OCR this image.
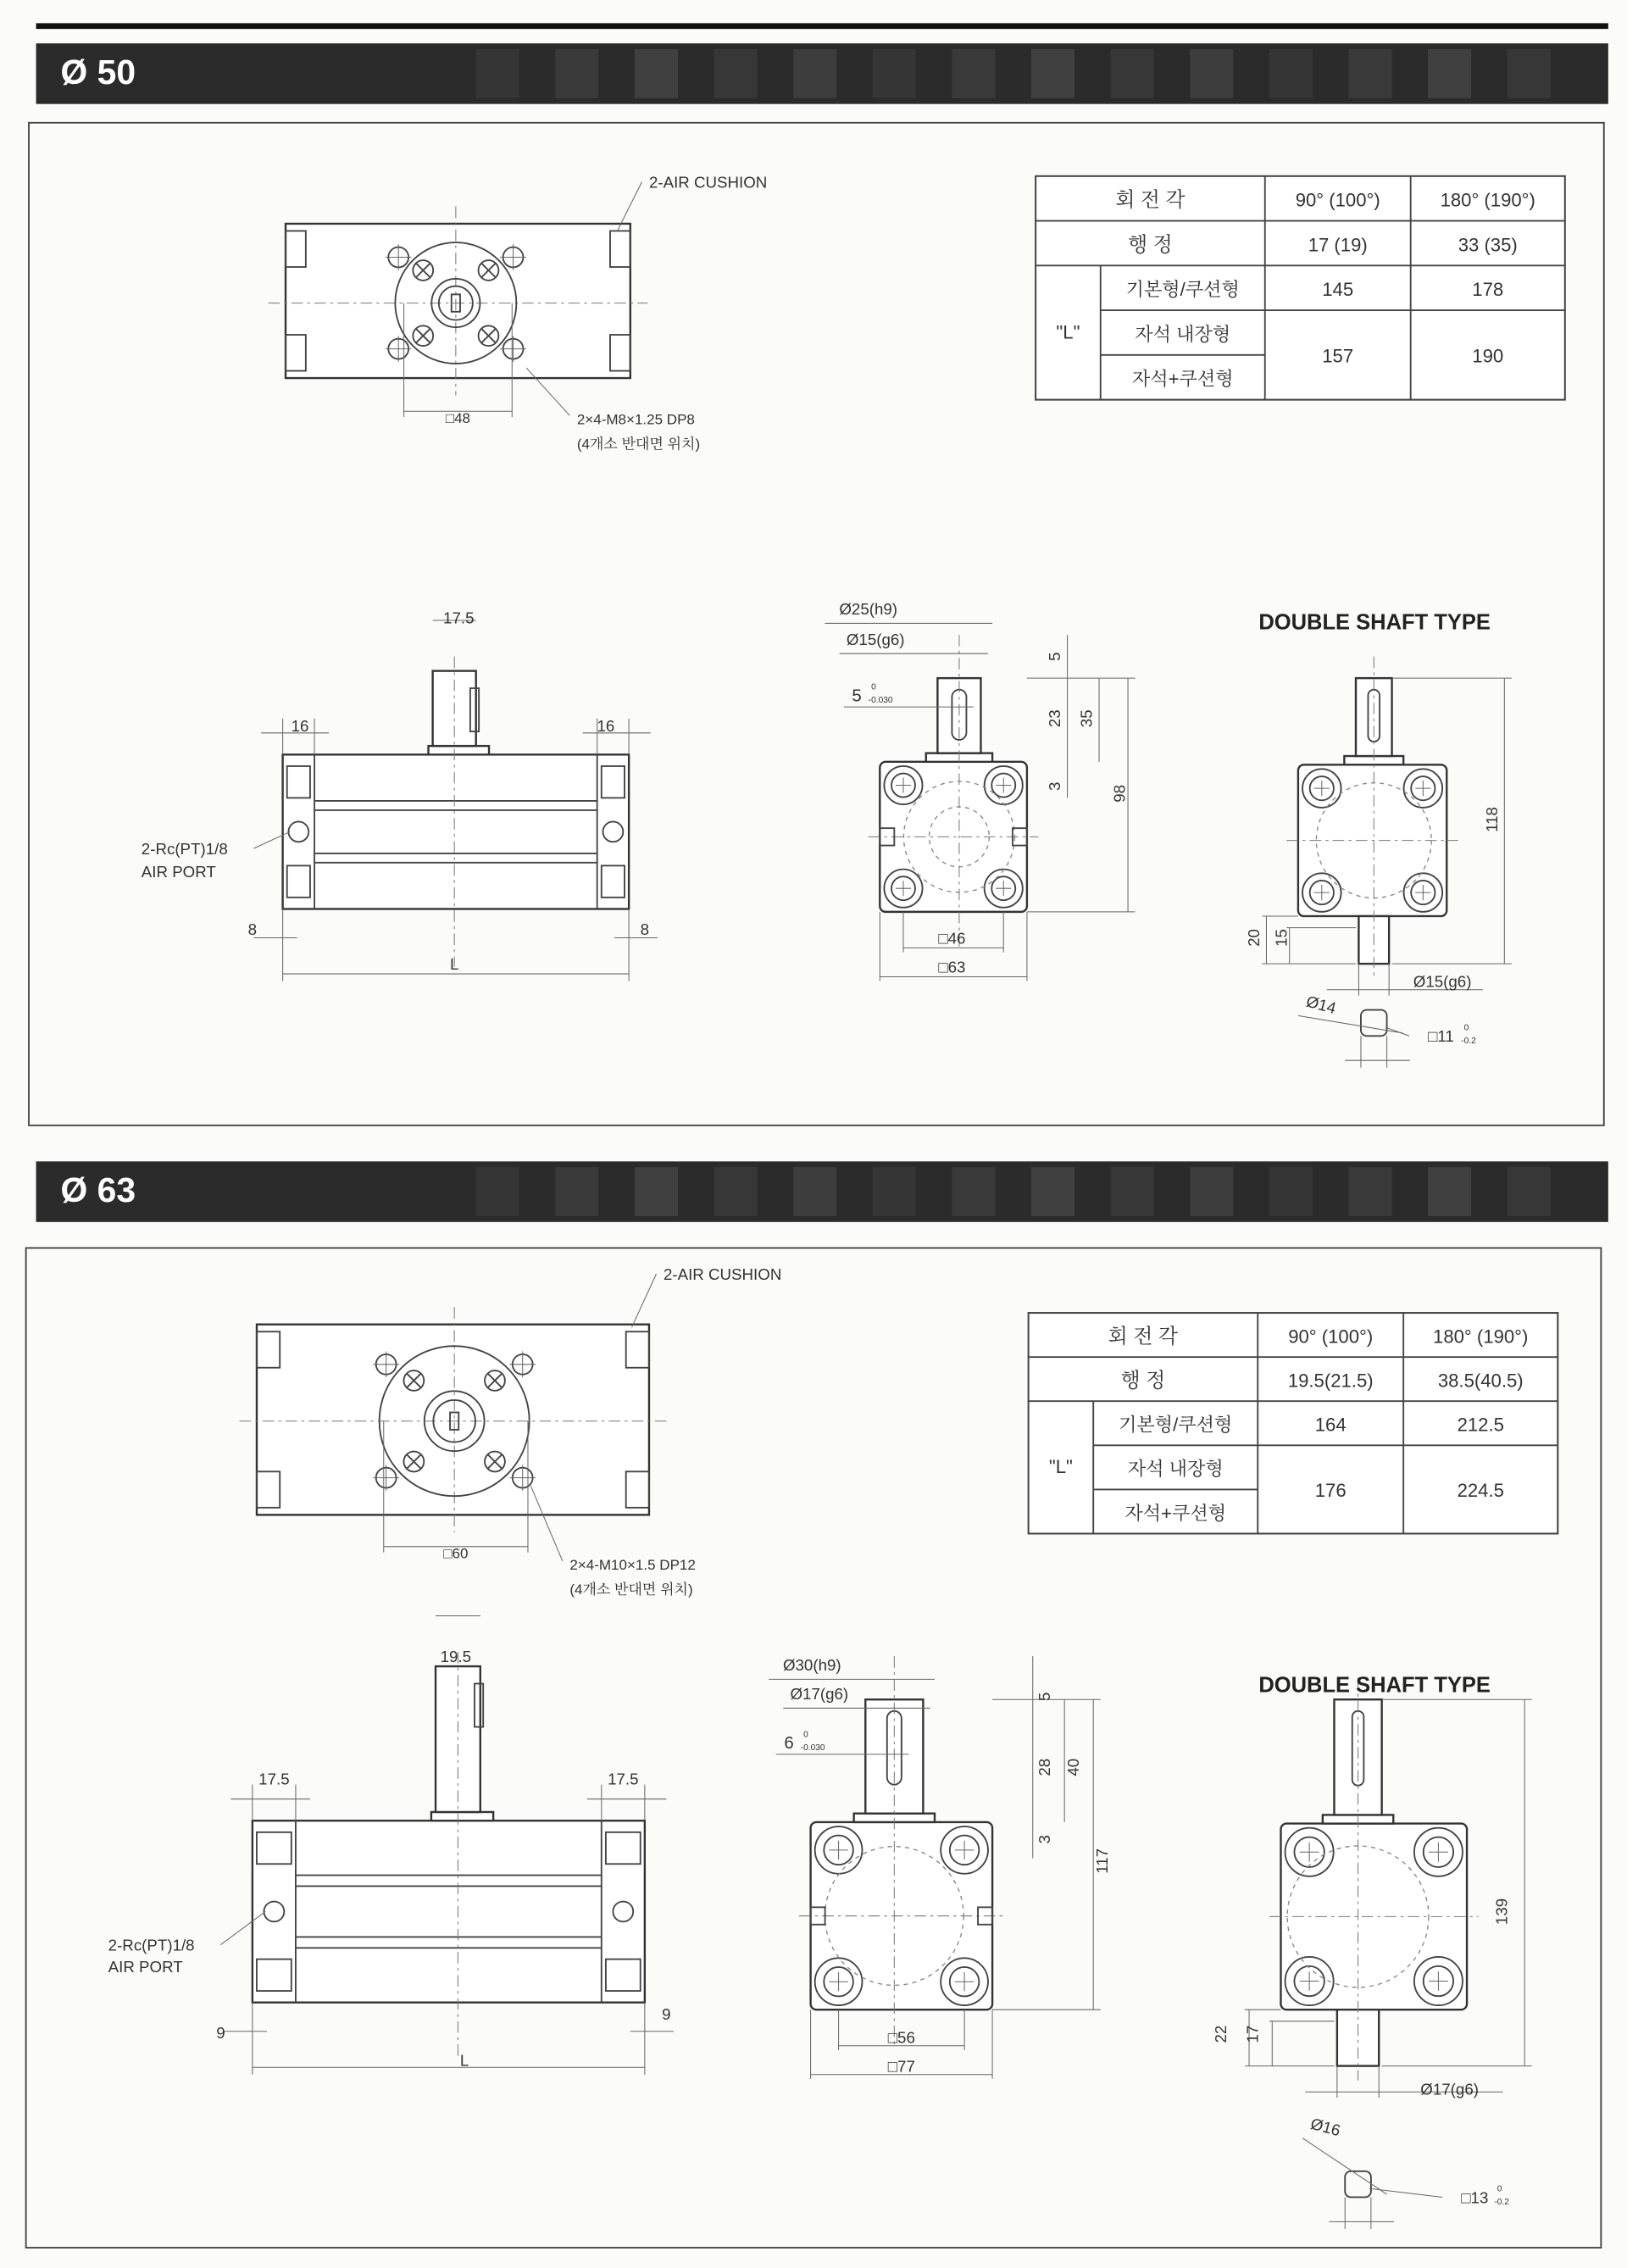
Ø 50
□48
2-AIR CUSHION
2×4-M8×1.25 DP8
(4개소 반대면 위치)
회 전 각	90° (100°)	180° (190°)
행 정	17 (19)	33 (35)
"L"
기본형/쿠션형
자석 내장형
자석+쿠션형
145	178
157	190
17.5
16	16
2-Rc(PT)1/8
AIR PORT
8	8
L
Ø25(h9)
Ø15(g6)
5 0
-0.030
5
23 35
3	98
□46
□63
DOUBLE SHAFT TYPE
118
20 15
Ø15(g6)
Ø14
□11 0
-0.2
Ø 63
□60
2-AIR CUSHION
2×4-M10×1.5 DP12
(4개소 반대면 위치)
회 전 각	90° (100°)	180° (190°)
행 정	19.5(21.5)	38.5(40.5)
"L"
기본형/쿠션형
자석 내장형
자석+쿠션형
164	212.5
176	224.5
19.5
17.5	17.5
2-Rc(PT)1/8
AIR PORT
9
9
L
Ø30(h9)
Ø17(g6)
6 0
-0.030
5
28 40
3
117
□56
□77
DOUBLE SHAFT TYPE
139
22 17
Ø17(g6)
Ø16
□13 0
-0.2
